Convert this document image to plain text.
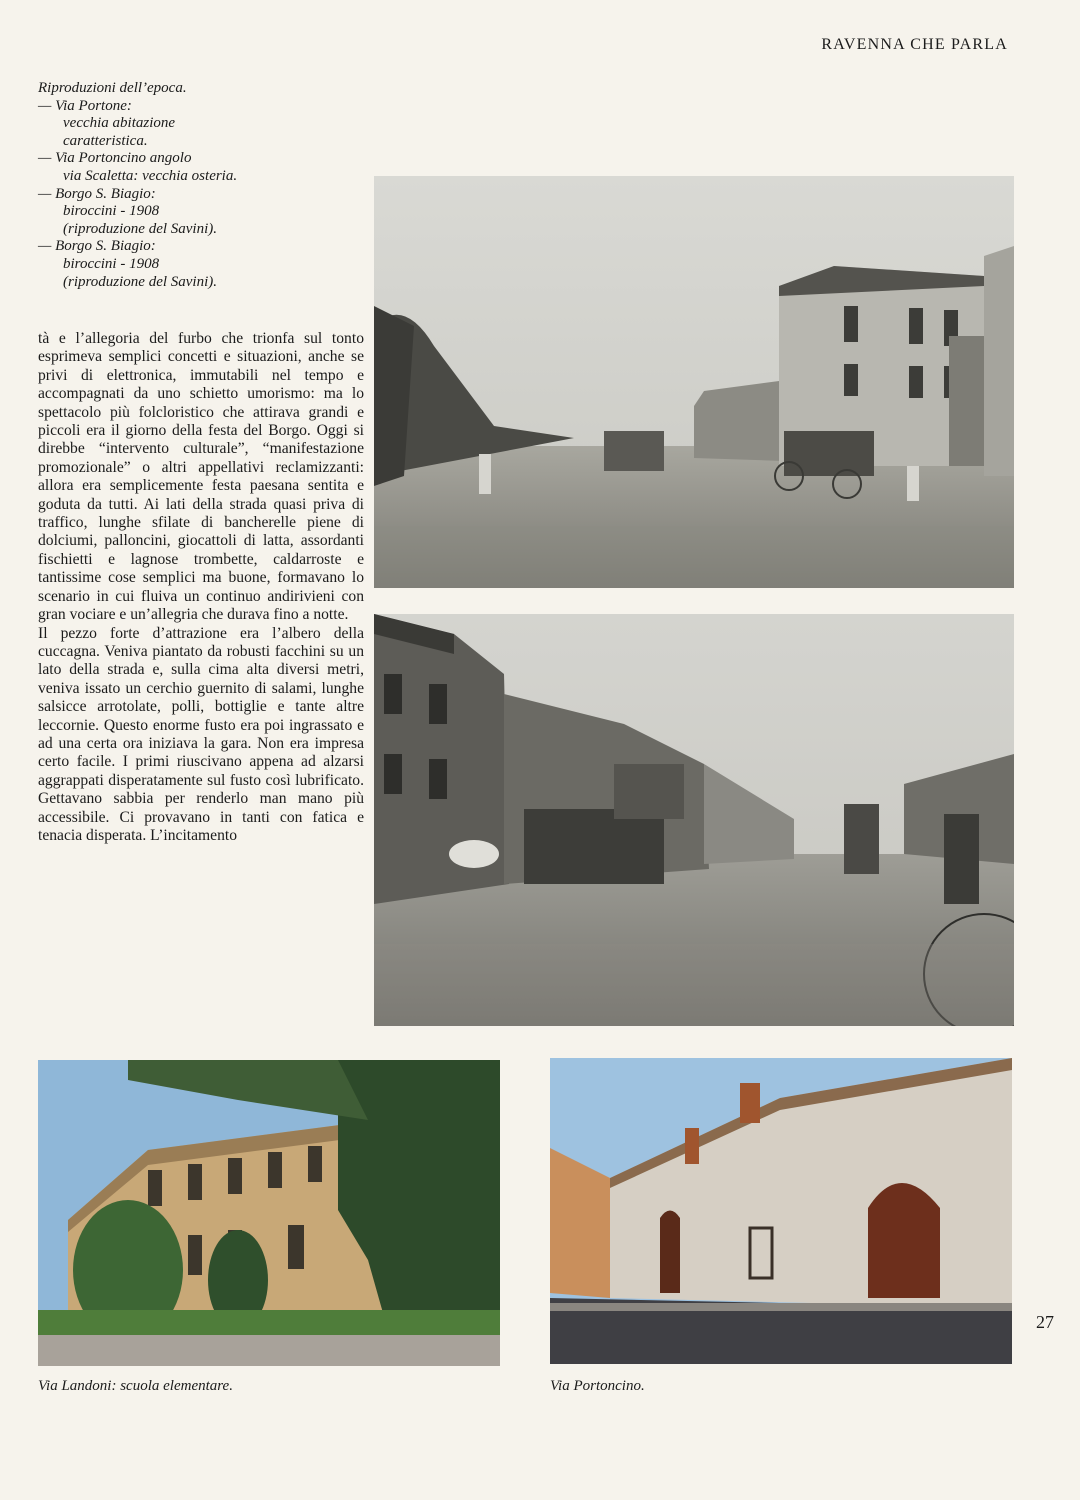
RAVENNA CHE PARLA
Riproduzioni dell’epoca.
— Via Portone:
vecchia abitazione
caratteristica.
— Via Portoncino angolo
via Scaletta: vecchia osteria.
— Borgo S. Biagio:
biroccini - 1908
(riproduzione del Savini).
— Borgo S. Biagio:
biroccini - 1908
(riproduzione del Savini).

tà e l’allegoria del furbo che trionfa sul tonto esprimeva semplici concetti e situazioni, anche se privi di elettronica, immutabili nel tempo e accompagnati da uno schietto umorismo: ma lo spettacolo più folcloristico che attirava grandi e piccoli era il giorno della festa del Borgo. Oggi si direbbe “intervento culturale”, “manifestazione promozionale” o altri appellativi reclamizzanti: allora era semplicemente festa paesana sentita e goduta da tutti. Ai lati della strada quasi priva di traffico, lunghe sfilate di bancherelle piene di dolciumi, palloncini, giocattoli di latta, assordanti fischietti e lagnose trombette, caldarroste e tantissime cose semplici ma buone, formavano lo scenario in cui fluiva un continuo andirivieni con gran vociare e un’allegria che durava fino a notte.

Il pezzo forte d’attrazione era l’albero della cuccagna. Veniva piantato da robusti facchini su un lato della strada e, sulla cima alta diversi metri, veniva issato un cerchio guernito di salami, lunghe salsicce arrotolate, polli, bottiglie e tante altre leccornie. Questo enorme fusto era poi ingrassato e ad una certa ora iniziava la gara. Non era impresa certo facile. I primi riuscivano appena ad alzarsi aggrappati disperatamente sul fusto così lubrificato. Gettavano sabbia per renderlo man mano più accessibile. Ci provavano in tanti con fatica e tenacia disperata. L’incitamento

Via Landoni: scuola elementare.	Via Portoncino.
27
